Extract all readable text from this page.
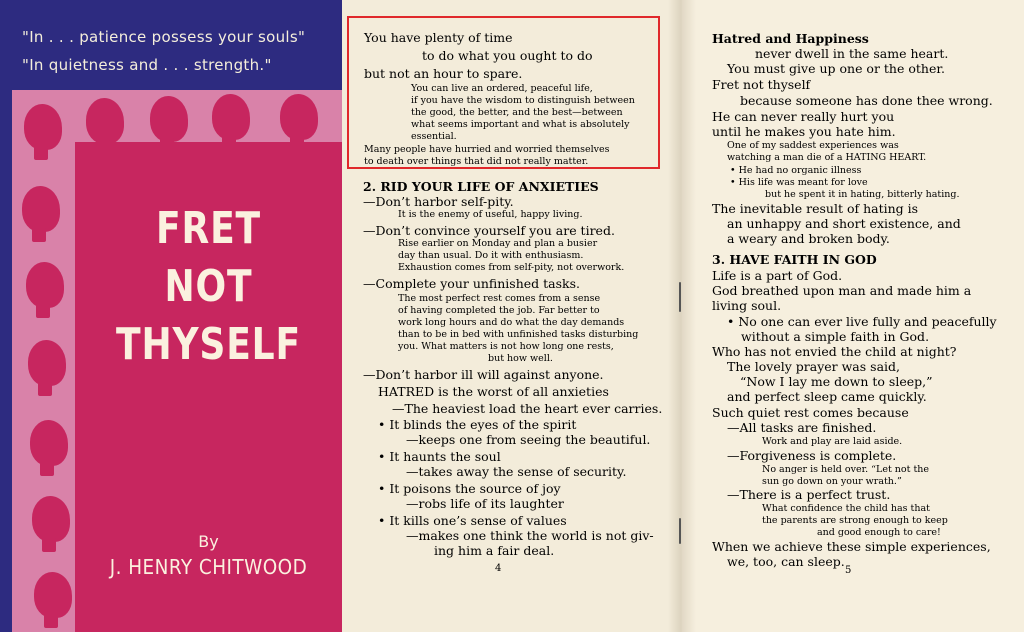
"In . . . patience possess your souls"
"In quietness and . . . strength."
FRET
NOT
THYSELF
By
J. HENRY CHITWOOD
You have plenty of time
to do what you ought to do
but not an hour to spare.
You can live an ordered, peaceful life,
if you have the wisdom to distinguish between
the good, the better, and the best—between
what seems important and what is absolutely
essential.
Many people have hurried and worried themselves
to death over things that did not really matter.
2. RID YOUR LIFE OF ANXIETIES
—Don’t harbor self-pity.
It is the enemy of useful, happy living.
—Don’t convince yourself you are tired.
Rise earlier on Monday and plan a busier
day than usual. Do it with enthusiasm.
Exhaustion comes from self-pity, not overwork.
—Complete your unfinished tasks.
The most perfect rest comes from a sense
of having completed the job. Far better to
work long hours and do what the day demands
than to be in bed with unfinished tasks disturbing
you. What matters is not how long one rests,
but how well.
—Don’t harbor ill will against anyone.
HATRED is the worst of all anxieties
—The heaviest load the heart ever carries.
• It blinds the eyes of the spirit
—keeps one from seeing the beautiful.
• It haunts the soul
—takes away the sense of security.
• It poisons the source of joy
—robs life of its laughter
• It kills one’s sense of values
—makes one think the world is not giv-
ing him a fair deal.
4
Hatred and Happiness
never dwell in the same heart.
You must give up one or the other.
Fret not thyself
because someone has done thee wrong.
He can never really hurt you
until he makes you hate him.
One of my saddest experiences was
watching a man die of a HATING HEART.
• He had no organic illness
• His life was meant for love
but he spent it in hating, bitterly hating.
The inevitable result of hating is
an unhappy and short existence, and
a weary and broken body.
3. HAVE FAITH IN GOD
Life is a part of God.
God breathed upon man and made him a
living soul.
• No one can ever live fully and peacefully
without a simple faith in God.
Who has not envied the child at night?
The lovely prayer was said,
“Now I lay me down to sleep,”
and perfect sleep came quickly.
Such quiet rest comes because
—All tasks are finished.
Work and play are laid aside.
—Forgiveness is complete.
No anger is held over. “Let not the
sun go down on your wrath.”
—There is a perfect trust.
What confidence the child has that
the parents are strong enough to keep
and good enough to care!
When we achieve these simple experiences,
we, too, can sleep.
5
